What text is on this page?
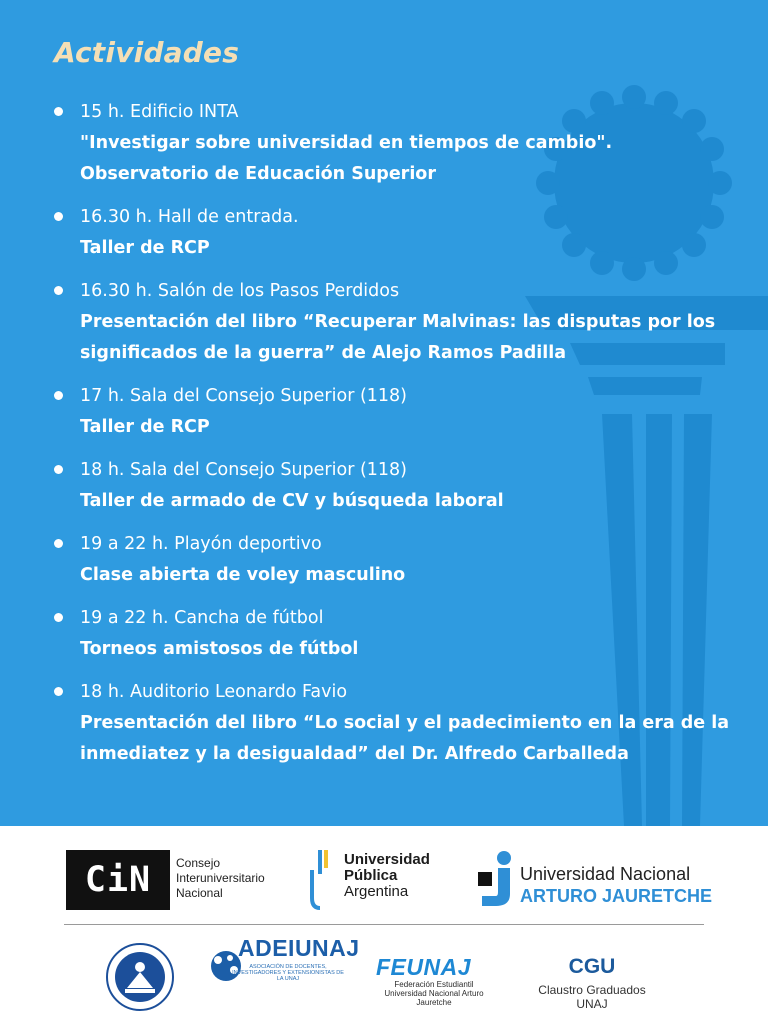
Actividades
15 h. Edificio INTA
"Investigar sobre universidad en tiempos de cambio". Observatorio de Educación Superior
16.30 h. Hall de entrada.
Taller de RCP
16.30 h. Salón de los Pasos Perdidos
Presentación del libro “Recuperar Malvinas: las disputas por los significados de la guerra” de Alejo Ramos Padilla
17 h. Sala del Consejo Superior (118)
Taller de RCP
18 h. Sala del Consejo Superior (118)
Taller de armado de CV y búsqueda laboral
19 a 22 h. Playón deportivo
Clase abierta de voley masculino
19 a 22 h. Cancha de fútbol
Torneos amistosos de fútbol
18 h. Auditorio Leonardo Favio
Presentación del libro “Lo social y el padecimiento en la era de la inmediatez y la desigualdad” del Dr. Alfredo Carballeda
CiN	Consejo
Interuniversitario
Nacional
Universidad
Pública
Argentina
Universidad Nacional
ARTURO JAURETCHE
ADEIUNAJ
ASOCIACIÓN DE DOCENTES, INVESTIGADORES Y EXTENSIONISTAS DE LA UNAJ	FEUNAJ
Federación Estudiantil Universidad Nacional Arturo Jauretche
CGU
Claustro Graduados UNAJ
